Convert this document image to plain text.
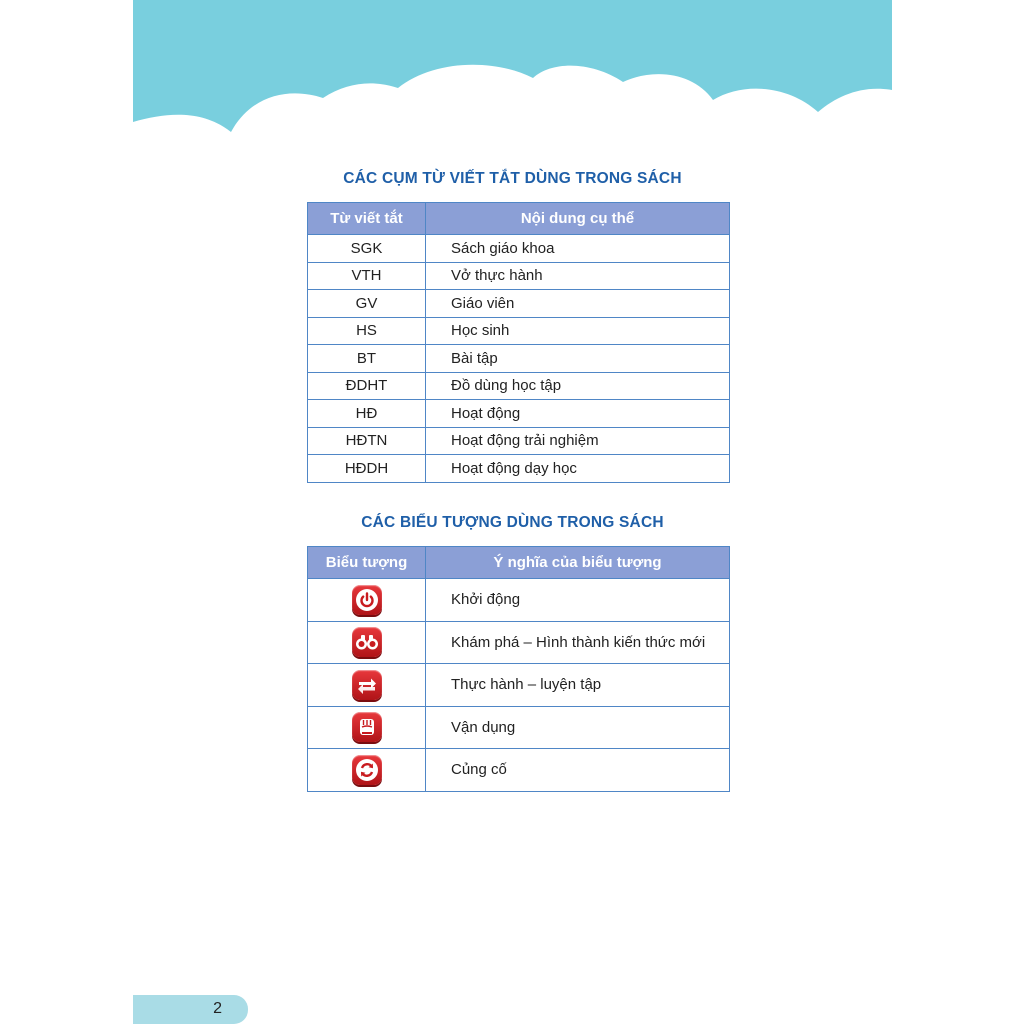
CÁC CỤM TỪ VIẾT TẮT DÙNG TRONG SÁCH
Từ viết tắt	Nội dung cụ thể
SGK	Sách giáo khoa
VTH	Vở thực hành
GV	Giáo viên
HS	Học sinh
BT	Bài tập
ĐDHT	Đồ dùng học tập
HĐ	Hoạt động
HĐTN	Hoạt động trải nghiệm
HĐDH	Hoạt động dạy học
CÁC BIỂU TƯỢNG DÙNG TRONG SÁCH
Biểu tượng	Ý nghĩa của biểu tượng

	Khởi động

	Khám phá – Hình thành kiến thức mới

	Thực hành – luyện tập

	Vận dụng

	Củng cố
2
